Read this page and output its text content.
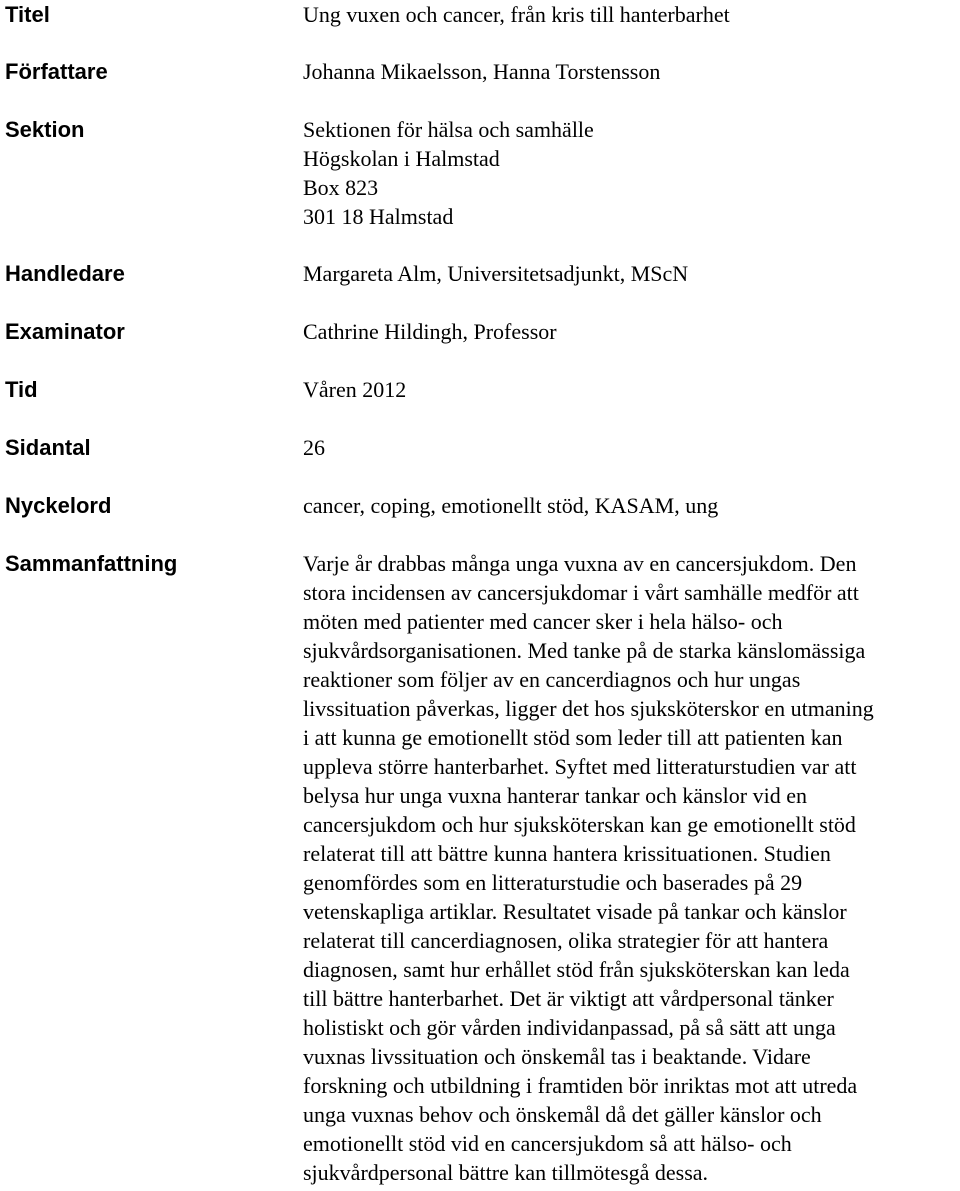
Titel	Ung vuxen och cancer, från kris till hanterbarhet
Författare	Johanna Mikaelsson, Hanna Torstensson
Sektion	Sektionen för hälsa och samhälle
Högskolan i Halmstad
Box 823
301 18 Halmstad
Handledare	Margareta Alm, Universitetsadjunkt, MScN
Examinator	Cathrine Hildingh, Professor
Tid	Våren 2012
Sidantal	26
Nyckelord	cancer, coping, emotionellt stöd, KASAM, ung
Sammanfattning	Varje år drabbas många unga vuxna av en cancersjukdom. Den
stora incidensen av cancersjukdomar i vårt samhälle medför att
möten med patienter med cancer sker i hela hälso- och
sjukvårdsorganisationen. Med tanke på de starka känslomässiga
reaktioner som följer av en cancerdiagnos och hur ungas
livssituation påverkas, ligger det hos sjuksköterskor en utmaning
i att kunna ge emotionellt stöd som leder till att patienten kan
uppleva större hanterbarhet. Syftet med litteraturstudien var att
belysa hur unga vuxna hanterar tankar och känslor vid en
cancersjukdom och hur sjuksköterskan kan ge emotionellt stöd
relaterat till att bättre kunna hantera krissituationen. Studien
genomfördes som en litteraturstudie och baserades på 29
vetenskapliga artiklar. Resultatet visade på tankar och känslor
relaterat till cancerdiagnosen, olika strategier för att hantera
diagnosen, samt hur erhållet stöd från sjuksköterskan kan leda
till bättre hanterbarhet. Det är viktigt att vårdpersonal tänker
holistiskt och gör vården individanpassad, på så sätt att unga
vuxnas livssituation och önskemål tas i beaktande. Vidare
forskning och utbildning i framtiden bör inriktas mot att utreda
unga vuxnas behov och önskemål då det gäller känslor och
emotionellt stöd vid en cancersjukdom så att hälso- och
sjukvårdpersonal bättre kan tillmötesgå dessa.
